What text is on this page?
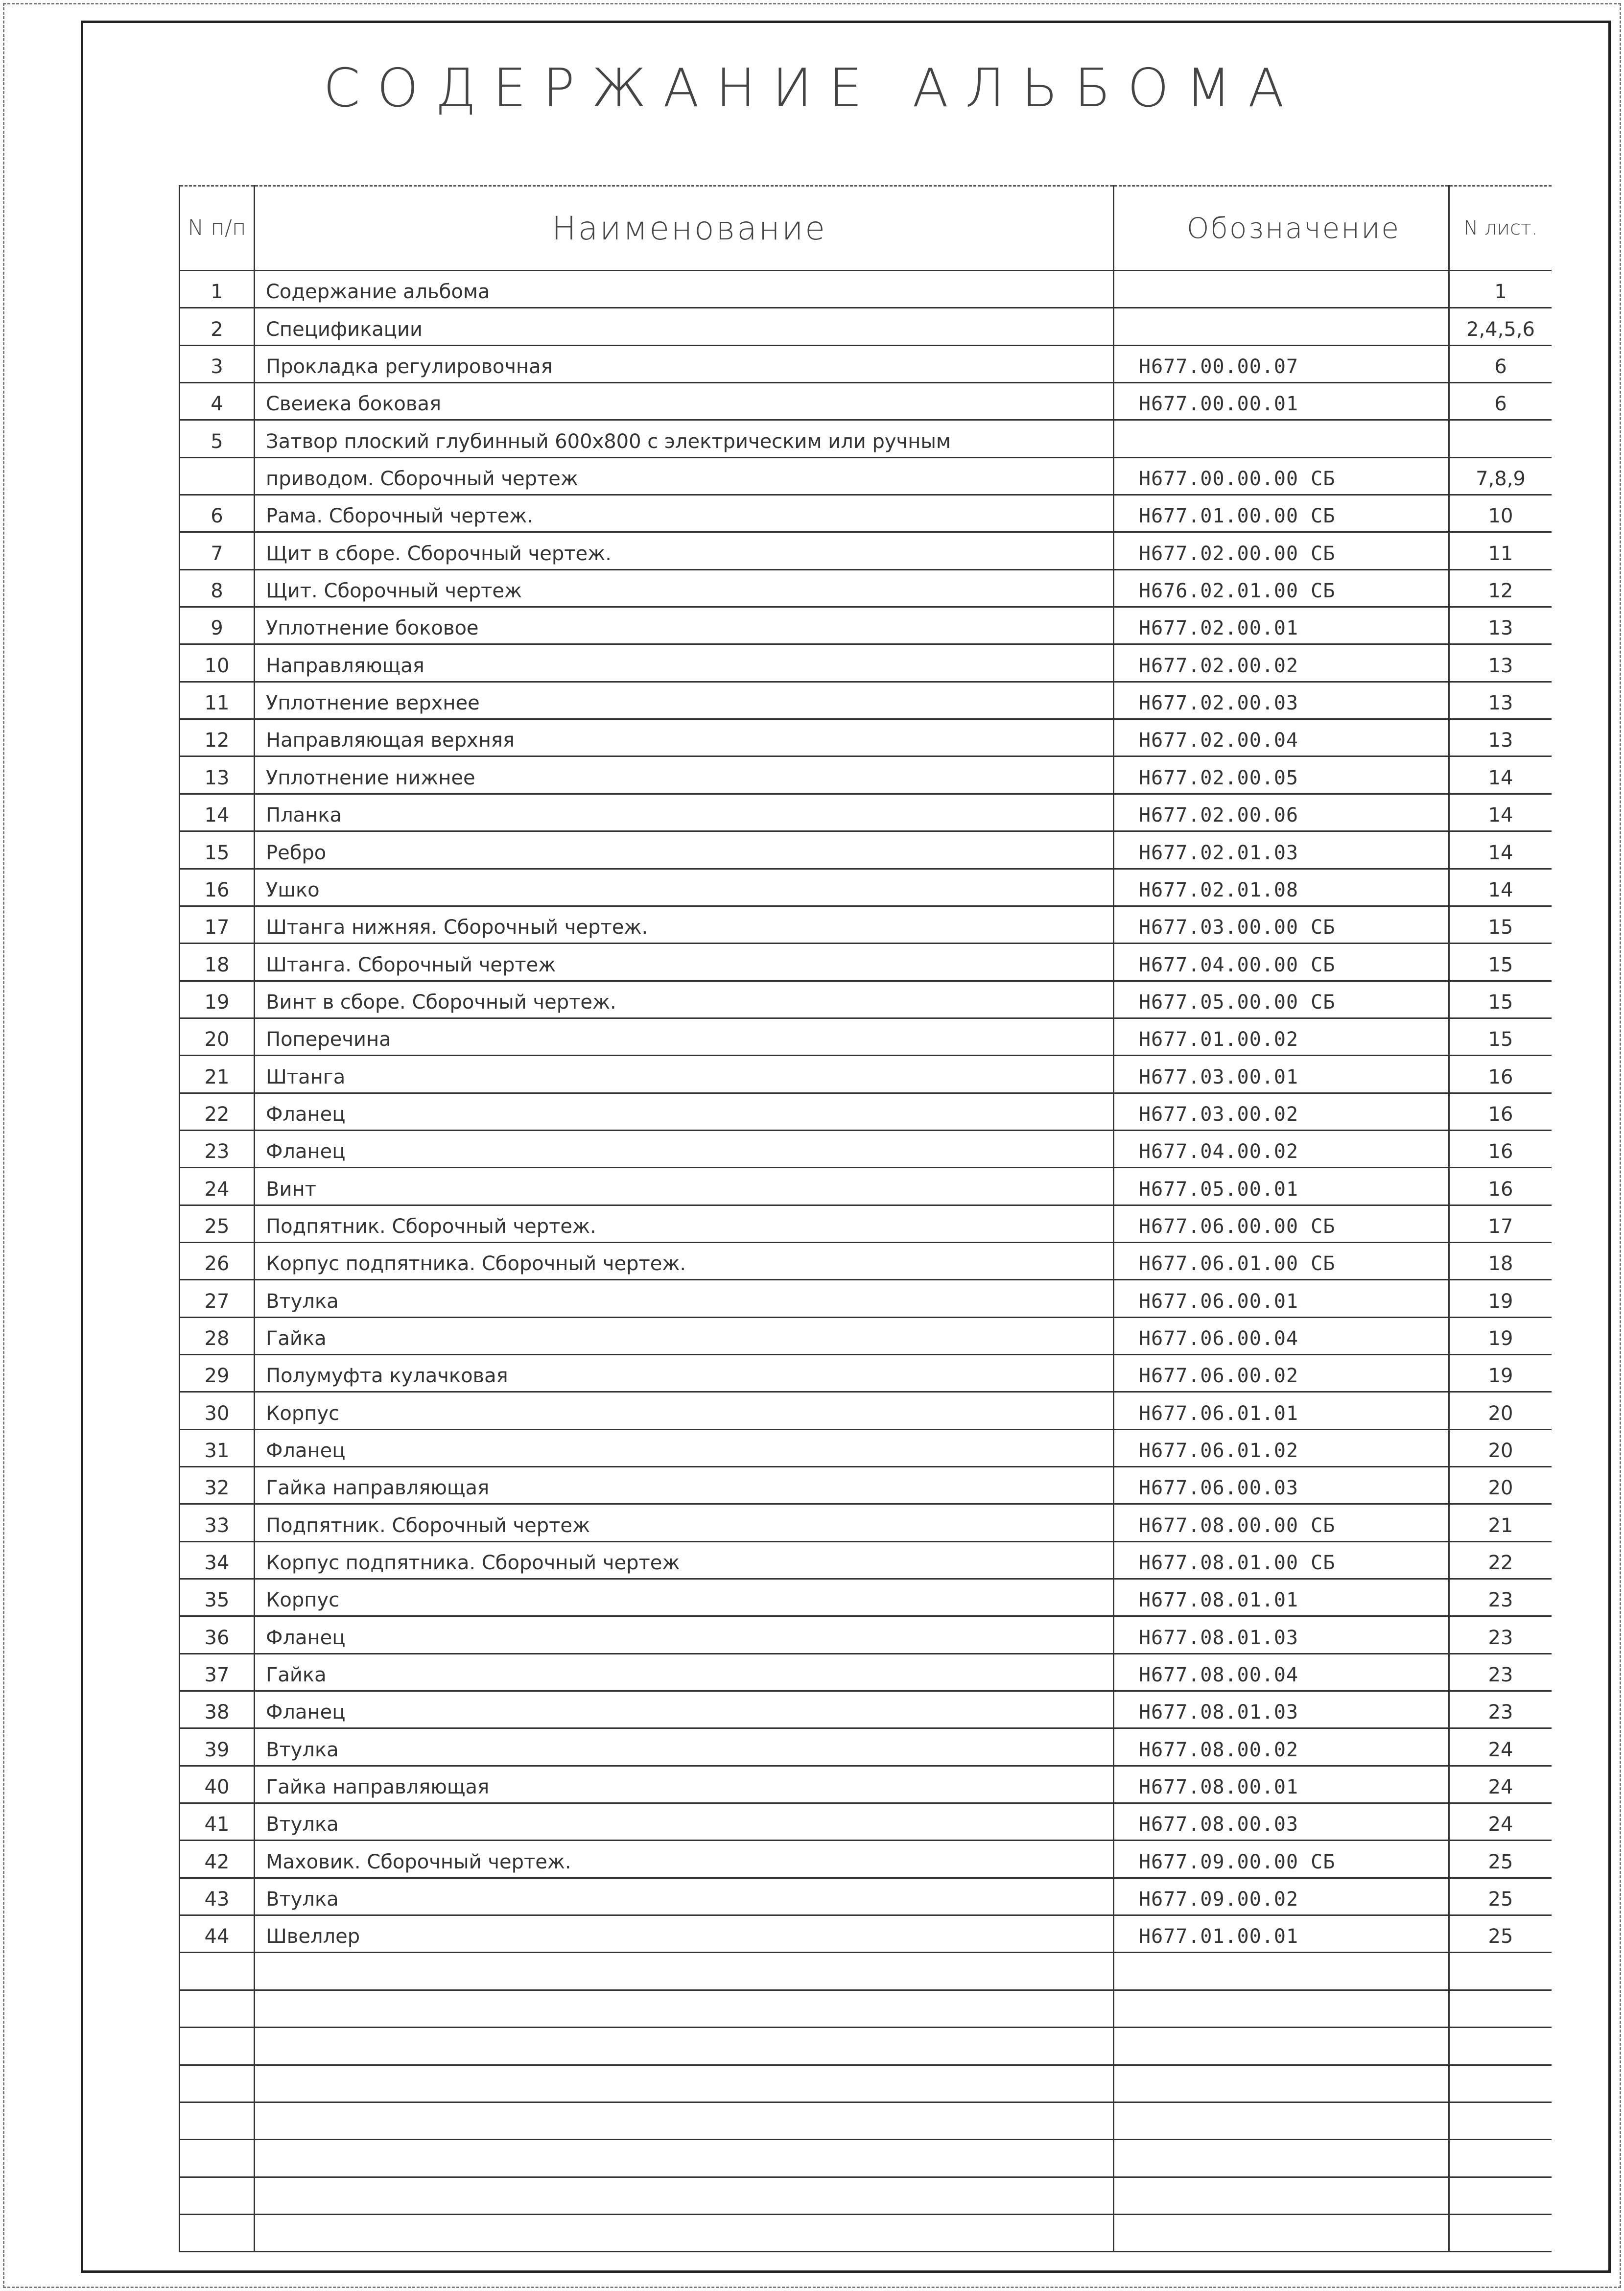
СОДЕРЖАНИЕ АЛЬБОМА
N п/п	Наименование	Обозначение	N лист.
1	Содержание альбома		1
2	Спецификации		2,4,5,6
3	Прокладка регулировочная	Н677.00.00.07	6
4	Свеиека боковая	Н677.00.00.01	6
5	Затвор плоский глубинный 600х800 с электрическим или ручным		
	приводом. Сборочный чертеж	Н677.00.00.00 СБ	7,8,9
6	Рама. Сборочный чертеж.	Н677.01.00.00 СБ	10
7	Щит в сборе. Сборочный чертеж.	Н677.02.00.00 СБ	11
8	Щит. Сборочный чертеж	Н676.02.01.00 СБ	12
9	Уплотнение боковое	Н677.02.00.01	13
10	Направляющая	Н677.02.00.02	13
11	Уплотнение верхнее	Н677.02.00.03	13
12	Направляющая верхняя	Н677.02.00.04	13
13	Уплотнение нижнее	Н677.02.00.05	14
14	Планка	Н677.02.00.06	14
15	Ребро	Н677.02.01.03	14
16	Ушко	Н677.02.01.08	14
17	Штанга нижняя. Сборочный чертеж.	Н677.03.00.00 СБ	15
18	Штанга. Сборочный чертеж	Н677.04.00.00 СБ	15
19	Винт в сборе. Сборочный чертеж.	Н677.05.00.00 СБ	15
20	Поперечина	Н677.01.00.02	15
21	Штанга	Н677.03.00.01	16
22	Фланец	Н677.03.00.02	16
23	Фланец	Н677.04.00.02	16
24	Винт	Н677.05.00.01	16
25	Подпятник. Сборочный чертеж.	Н677.06.00.00 СБ	17
26	Корпус подпятника. Сборочный чертеж.	Н677.06.01.00 СБ	18
27	Втулка	Н677.06.00.01	19
28	Гайка	Н677.06.00.04	19
29	Полумуфта кулачковая	Н677.06.00.02	19
30	Корпус	Н677.06.01.01	20
31	Фланец	Н677.06.01.02	20
32	Гайка направляющая	Н677.06.00.03	20
33	Подпятник. Сборочный чертеж	Н677.08.00.00 СБ	21
34	Корпус подпятника. Сборочный чертеж	Н677.08.01.00 СБ	22
35	Корпус	Н677.08.01.01	23
36	Фланец	Н677.08.01.03	23
37	Гайка	Н677.08.00.04	23
38	Фланец	Н677.08.01.03	23
39	Втулка	Н677.08.00.02	24
40	Гайка направляющая	Н677.08.00.01	24
41	Втулка	Н677.08.00.03	24
42	Маховик. Сборочный чертеж.	Н677.09.00.00 СБ	25
43	Втулка	Н677.09.00.02	25
44	Швеллер	Н677.01.00.01	25
